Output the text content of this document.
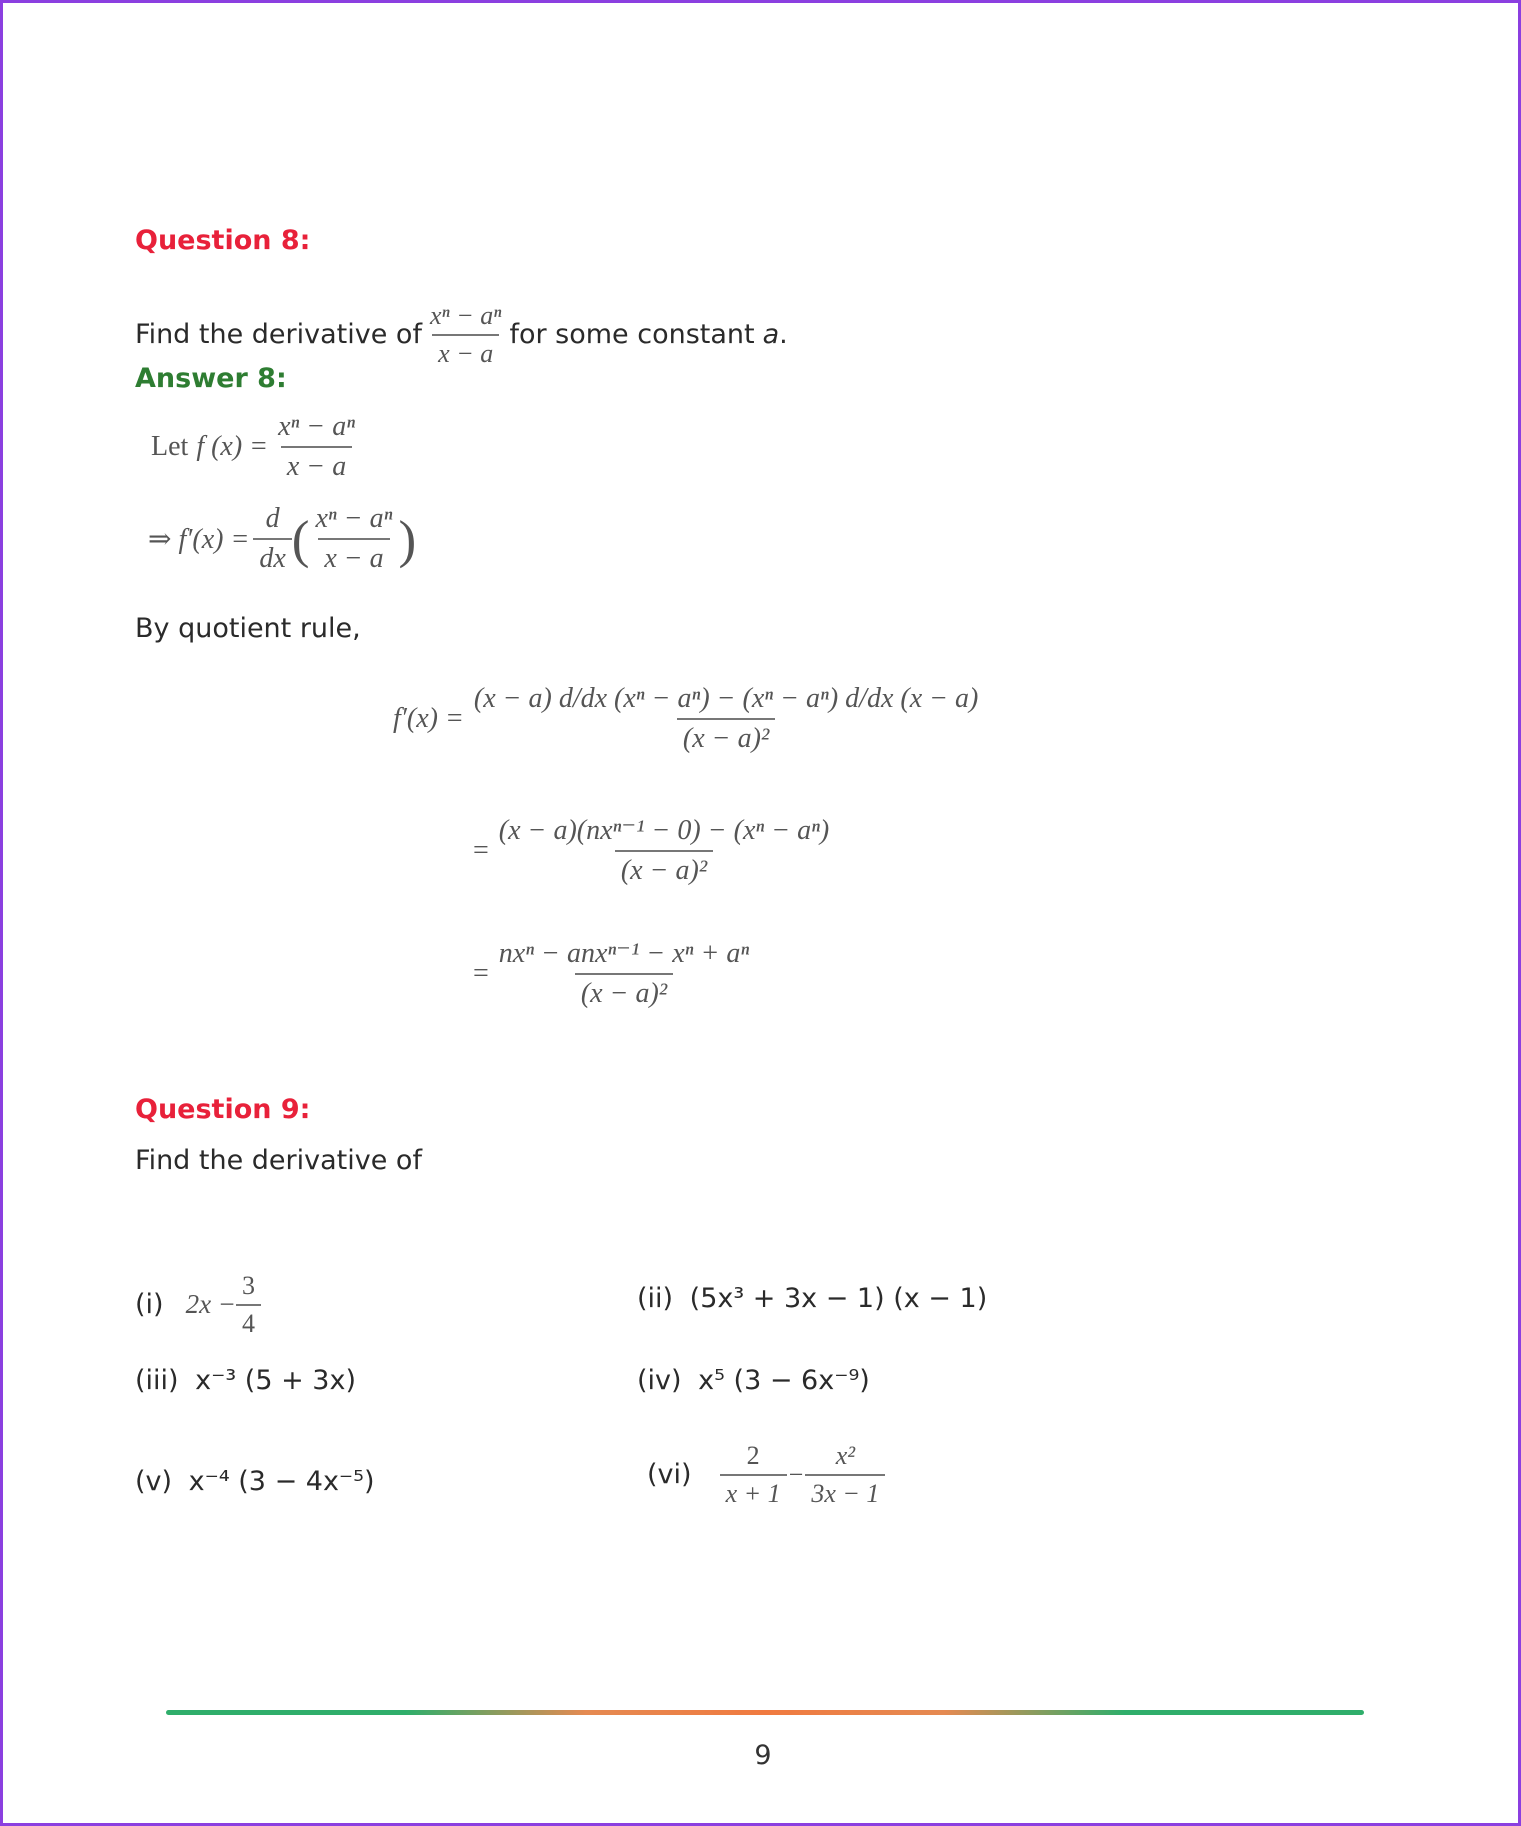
Question 8:
Find the derivative of $\frac{\text{xⁿ − aⁿ}}{x - a}$ for some constant a .
Answer 8:
Let f $(x) = \frac{\text{xⁿ − aⁿ}}{x - a}$
⇒ $f'(x) = \frac{d}{dx}$ ( $\frac{\text{xⁿ − aⁿ}}{x - a}$ )
By quotient rule,
$f'(x) = \frac{\text{(x − a) d/dx (xⁿ − aⁿ) − (xⁿ − aⁿ) d/dx (x − a)}}{\text{(x − a)²}}$
= $\frac{\text{(x − a)(nxⁿ⁻¹ − 0) − (xⁿ − aⁿ)}}{\text{(x − a)²}}$
= $\frac{\text{nxⁿ − anxⁿ⁻¹ − xⁿ + aⁿ}}{\text{(x − a)²}}$
Question 9:
Find the derivative of
(i) $2x - \frac{3}{4}$	(ii) (5x³ + 3x − 1) (x − 1)
(iii) x⁻³ (5 + 3x)	(iv) x⁵ (3 − 6x⁻⁹)
(v) x⁻⁴ (3 − 4x⁻⁵)	$(vi) \frac{2}{x + 1} - \frac{\text{x²}}{3x - 1}$
9
